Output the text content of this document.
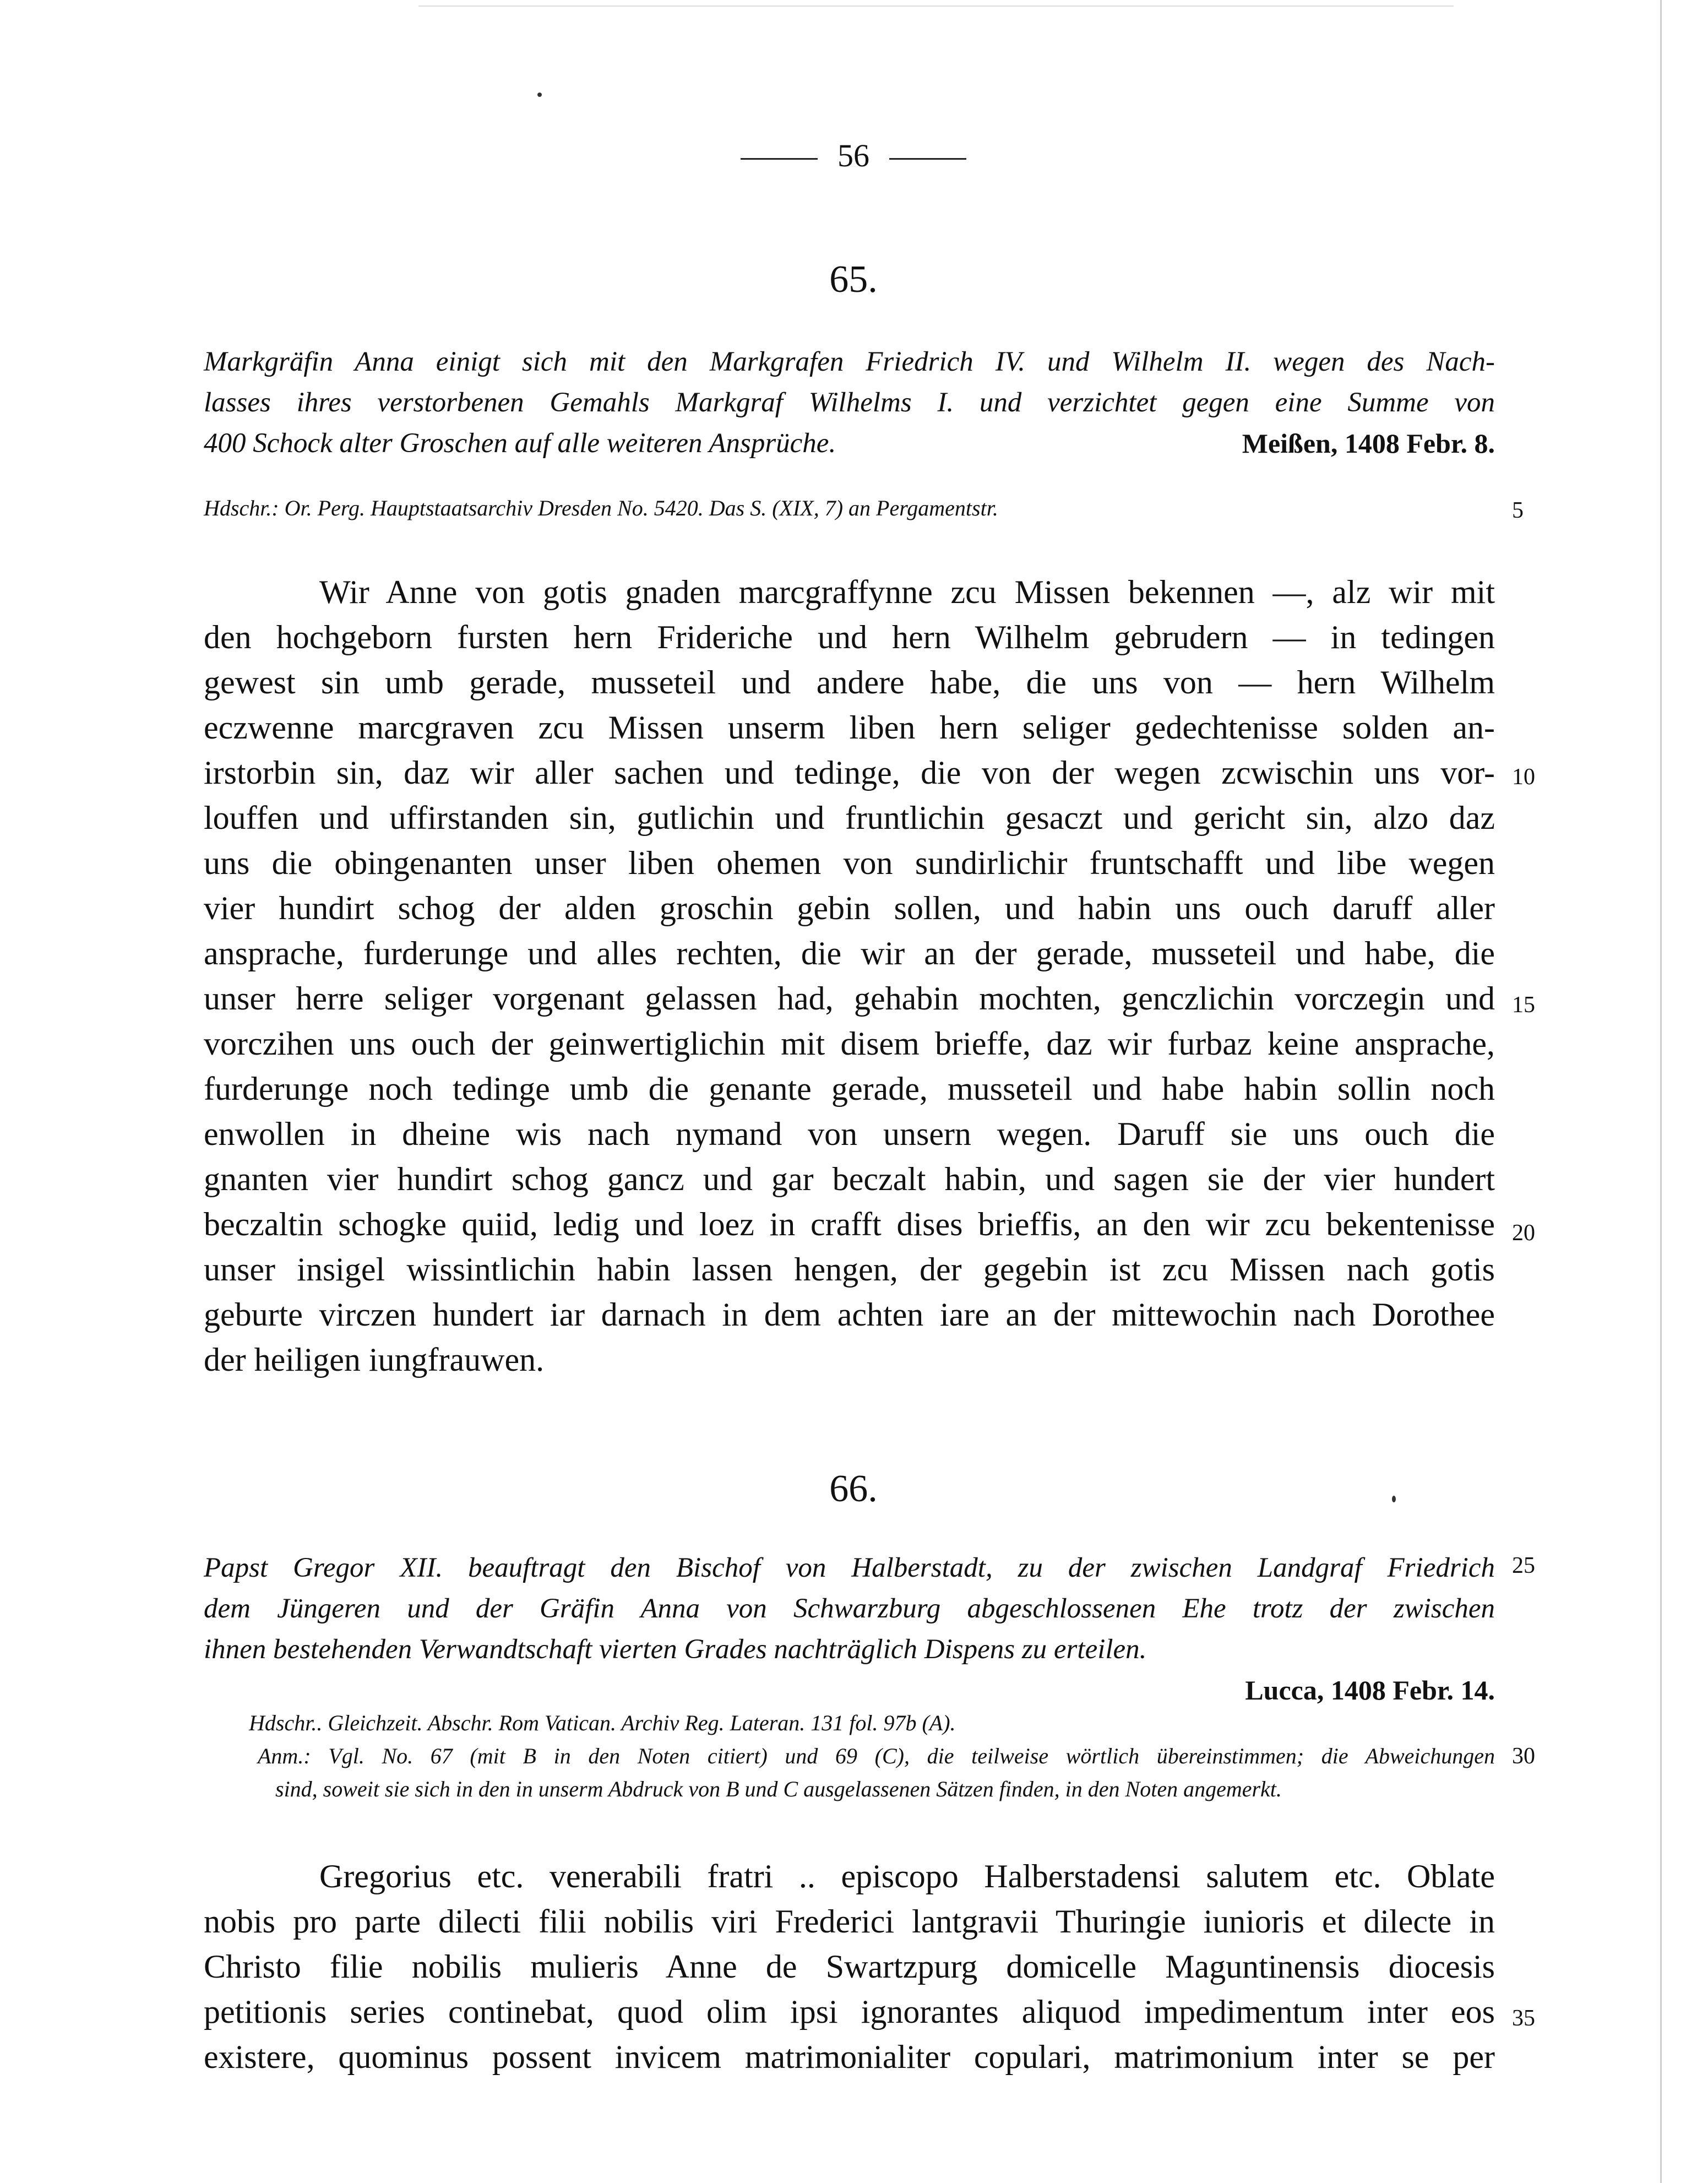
56
65.
Markgräfin Anna einigt sich mit den Markgrafen Friedrich IV. und Wilhelm II. wegen des Nach-
lasses ihres verstorbenen Gemahls Markgraf Wilhelms I. und verzichtet gegen eine Summe von
400 Schock alter Groschen auf alle weiteren Ansprüche.	Meißen, 1408 Febr. 8.
Hdschr.: Or. Perg. Hauptstaatsarchiv Dresden No. 5420. Das S. (XIX, 7) an Pergamentstr.
Wir Anne von gotis gnaden marcgraffynne zcu Missen bekennen —, alz wir mit
den hochgeborn fursten hern Frideriche und hern Wilhelm gebrudern — in tedingen
gewest sin umb gerade, musseteil und andere habe, die uns von — hern Wilhelm
eczwenne marcgraven zcu Missen unserm liben hern seliger gedechtenisse solden an-
irstorbin sin, daz wir aller sachen und tedinge, die von der wegen zcwischin uns vor-
louffen und uffirstanden sin, gutlichin und fruntlichin gesaczt und gericht sin, alzo daz
uns die obingenanten unser liben ohemen von sundirlichir fruntschafft und libe wegen
vier hundirt schog der alden groschin gebin sollen, und habin uns ouch daruff aller
ansprache, furderunge und alles rechten, die wir an der gerade, musseteil und habe, die
unser herre seliger vorgenant gelassen had, gehabin mochten, genczlichin vorczegin und
vorczihen uns ouch der geinwertiglichin mit disem brieffe, daz wir furbaz keine ansprache,
furderunge noch tedinge umb die genante gerade, musseteil und habe habin sollin noch
enwollen in dheine wis nach nymand von unsern wegen. Daruff sie uns ouch die
gnanten vier hundirt schog gancz und gar beczalt habin, und sagen sie der vier hundert
beczaltin schogke quiid, ledig und loez in crafft dises brieffis, an den wir zcu bekentenisse
unser insigel wissintlichin habin lassen hengen, der gegebin ist zcu Missen nach gotis
geburte virczen hundert iar darnach in dem achten iare an der mittewochin nach Dorothee
der heiligen iungfrauwen.
66.
Papst Gregor XII. beauftragt den Bischof von Halberstadt, zu der zwischen Landgraf Friedrich
dem Jüngeren und der Gräfin Anna von Schwarzburg abgeschlossenen Ehe trotz der zwischen
ihnen bestehenden Verwandtschaft vierten Grades nachträglich Dispens zu erteilen.
Lucca, 1408 Febr. 14.
Hdschr.. Gleichzeit. Abschr. Rom Vatican. Archiv Reg. Lateran. 131 fol. 97b (A).
Anm.: Vgl. No. 67 (mit B in den Noten citiert) und 69 (C), die teilweise wörtlich übereinstimmen; die Abweichungen
sind, soweit sie sich in den in unserm Abdruck von B und C ausgelassenen Sätzen finden, in den Noten angemerkt.
Gregorius etc. venerabili fratri .. episcopo Halberstadensi salutem etc. Oblate
nobis pro parte dilecti filii nobilis viri Frederici lantgravii Thuringie iunioris et dilecte in
Christo filie nobilis mulieris Anne de Swartzpurg domicelle Maguntinensis diocesis
petitionis series continebat, quod olim ipsi ignorantes aliquod impedimentum inter eos
existere, quominus possent invicem matrimonialiter copulari, matrimonium inter se per
5
10
15
20
25
30
35
